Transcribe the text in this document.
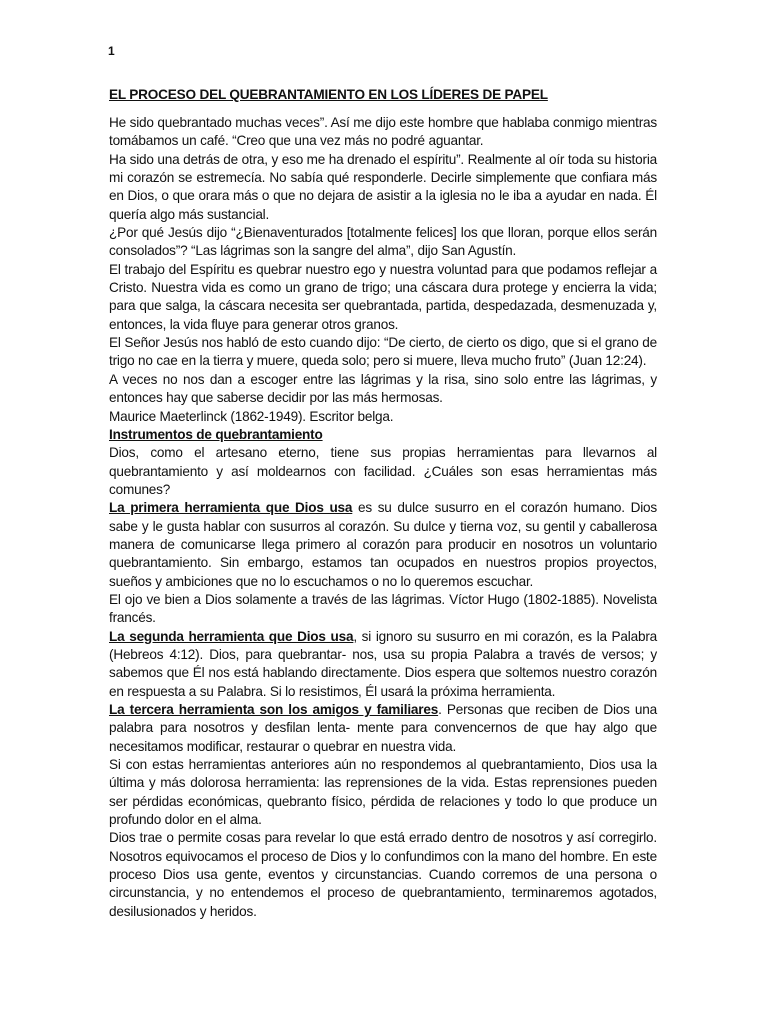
1
EL PROCESO DEL QUEBRANTAMIENTO EN LOS LÍDERES DE PAPEL

He sido quebrantado muchas veces”. Así me dijo este hombre que hablaba conmigo mientras tomábamos un café. “Creo que una vez más no podré aguantar.

Ha sido una detrás de otra, y eso me ha drenado el espíritu”. Realmente al oír toda su historia mi corazón se estremecía. No sabía qué responderle. Decirle simplemente que confiara más en Dios, o que orara más o que no dejara de asistir a la iglesia no le iba a ayudar en nada. Él quería algo más sustancial.

¿Por qué Jesús dijo “¿Bienaventurados [totalmente felices] los que lloran, porque ellos serán consolados”? “Las lágrimas son la sangre del alma”, dijo San Agustín.

El trabajo del Espíritu es quebrar nuestro ego y nuestra voluntad para que podamos reflejar a Cristo. Nuestra vida es como un grano de trigo; una cáscara dura protege y encierra la vida; para que salga, la cáscara necesita ser quebrantada, partida, despedazada, desmenuzada y, entonces, la vida fluye para generar otros granos.

El Señor Jesús nos habló de esto cuando dijo: “De cierto, de cierto os digo, que si el grano de trigo no cae en la tierra y muere, queda solo; pero si muere, lleva mucho fruto” (Juan 12:24).

A veces no nos dan a escoger entre las lágrimas y la risa, sino solo entre las lágrimas, y entonces hay que saberse decidir por las más hermosas.

Maurice Maeterlinck (1862-1949). Escritor belga.

Instrumentos de quebrantamiento

Dios, como el artesano eterno, tiene sus propias herramientas para llevarnos al quebrantamiento y así moldearnos con facilidad. ¿Cuáles son esas herramientas más comunes?

La primera herramienta que Dios usa es su dulce susurro en el corazón humano. Dios sabe y le gusta hablar con susurros al corazón. Su dulce y tierna voz, su gentil y caballerosa manera de comunicarse llega primero al corazón para producir en nosotros un voluntario quebrantamiento. Sin embargo, estamos tan ocupados en nuestros propios proyectos, sueños y ambiciones que no lo escuchamos o no lo queremos escuchar.

El ojo ve bien a Dios solamente a través de las lágrimas. Víctor Hugo (1802-1885). Novelista francés.

La segunda herramienta que Dios usa, si ignoro su susurro en mi corazón, es la Palabra (Hebreos 4:12). Dios, para quebrantar- nos, usa su propia Palabra a través de versos; y sabemos que Él nos está hablando directamente. Dios espera que soltemos nuestro corazón en respuesta a su Palabra. Si lo resistimos, Él usará la próxima herramienta.

La tercera herramienta son los amigos y familiares. Personas que reciben de Dios una palabra para nosotros y desfilan lenta- mente para convencernos de que hay algo que necesitamos modificar, restaurar o quebrar en nuestra vida.

Si con estas herramientas anteriores aún no respondemos al quebrantamiento, Dios usa la última y más dolorosa herramienta: las reprensiones de la vida. Estas reprensiones pueden ser pérdidas económicas, quebranto físico, pérdida de relaciones y todo lo que produce un profundo dolor en el alma.

Dios trae o permite cosas para revelar lo que está errado dentro de nosotros y así corregirlo. Nosotros equivocamos el proceso de Dios y lo confundimos con la mano del hombre. En este proceso Dios usa gente, eventos y circunstancias. Cuando corremos de una persona o circunstancia, y no entendemos el proceso de quebrantamiento, terminaremos agotados, desilusionados y heridos.
